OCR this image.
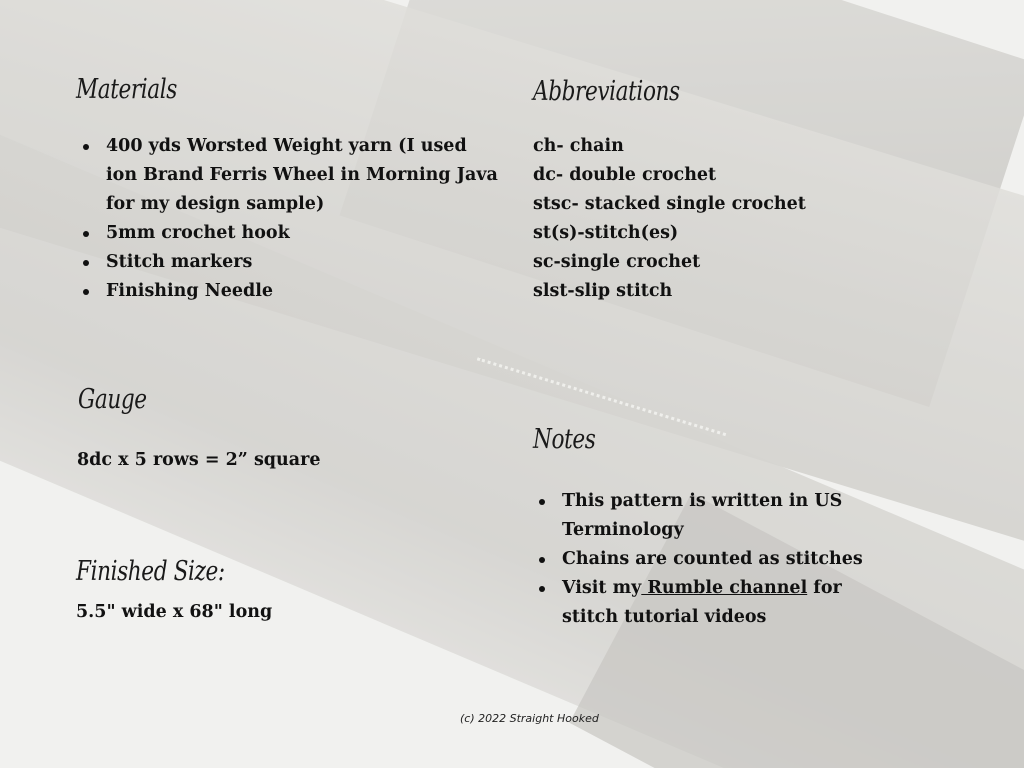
Materials
400 yds Worsted Weight yarn (I used ion Brand Ferris Wheel in Morning Java for my design sample)
5mm crochet hook
Stitch markers
Finishing Needle
Abbreviations
ch- chain
dc- double crochet
stsc- stacked single crochet
st(s)-stitch(es)
sc-single crochet
slst-slip stitch
Gauge

8dc x 5 rows = 2” square

Notes
This pattern is written in US Terminology
Chains are counted as stitches
Visit my Rumble channel for stitch tutorial videos
Finished Size:

5.5" wide x 68" long

(c) 2022 Straight Hooked
